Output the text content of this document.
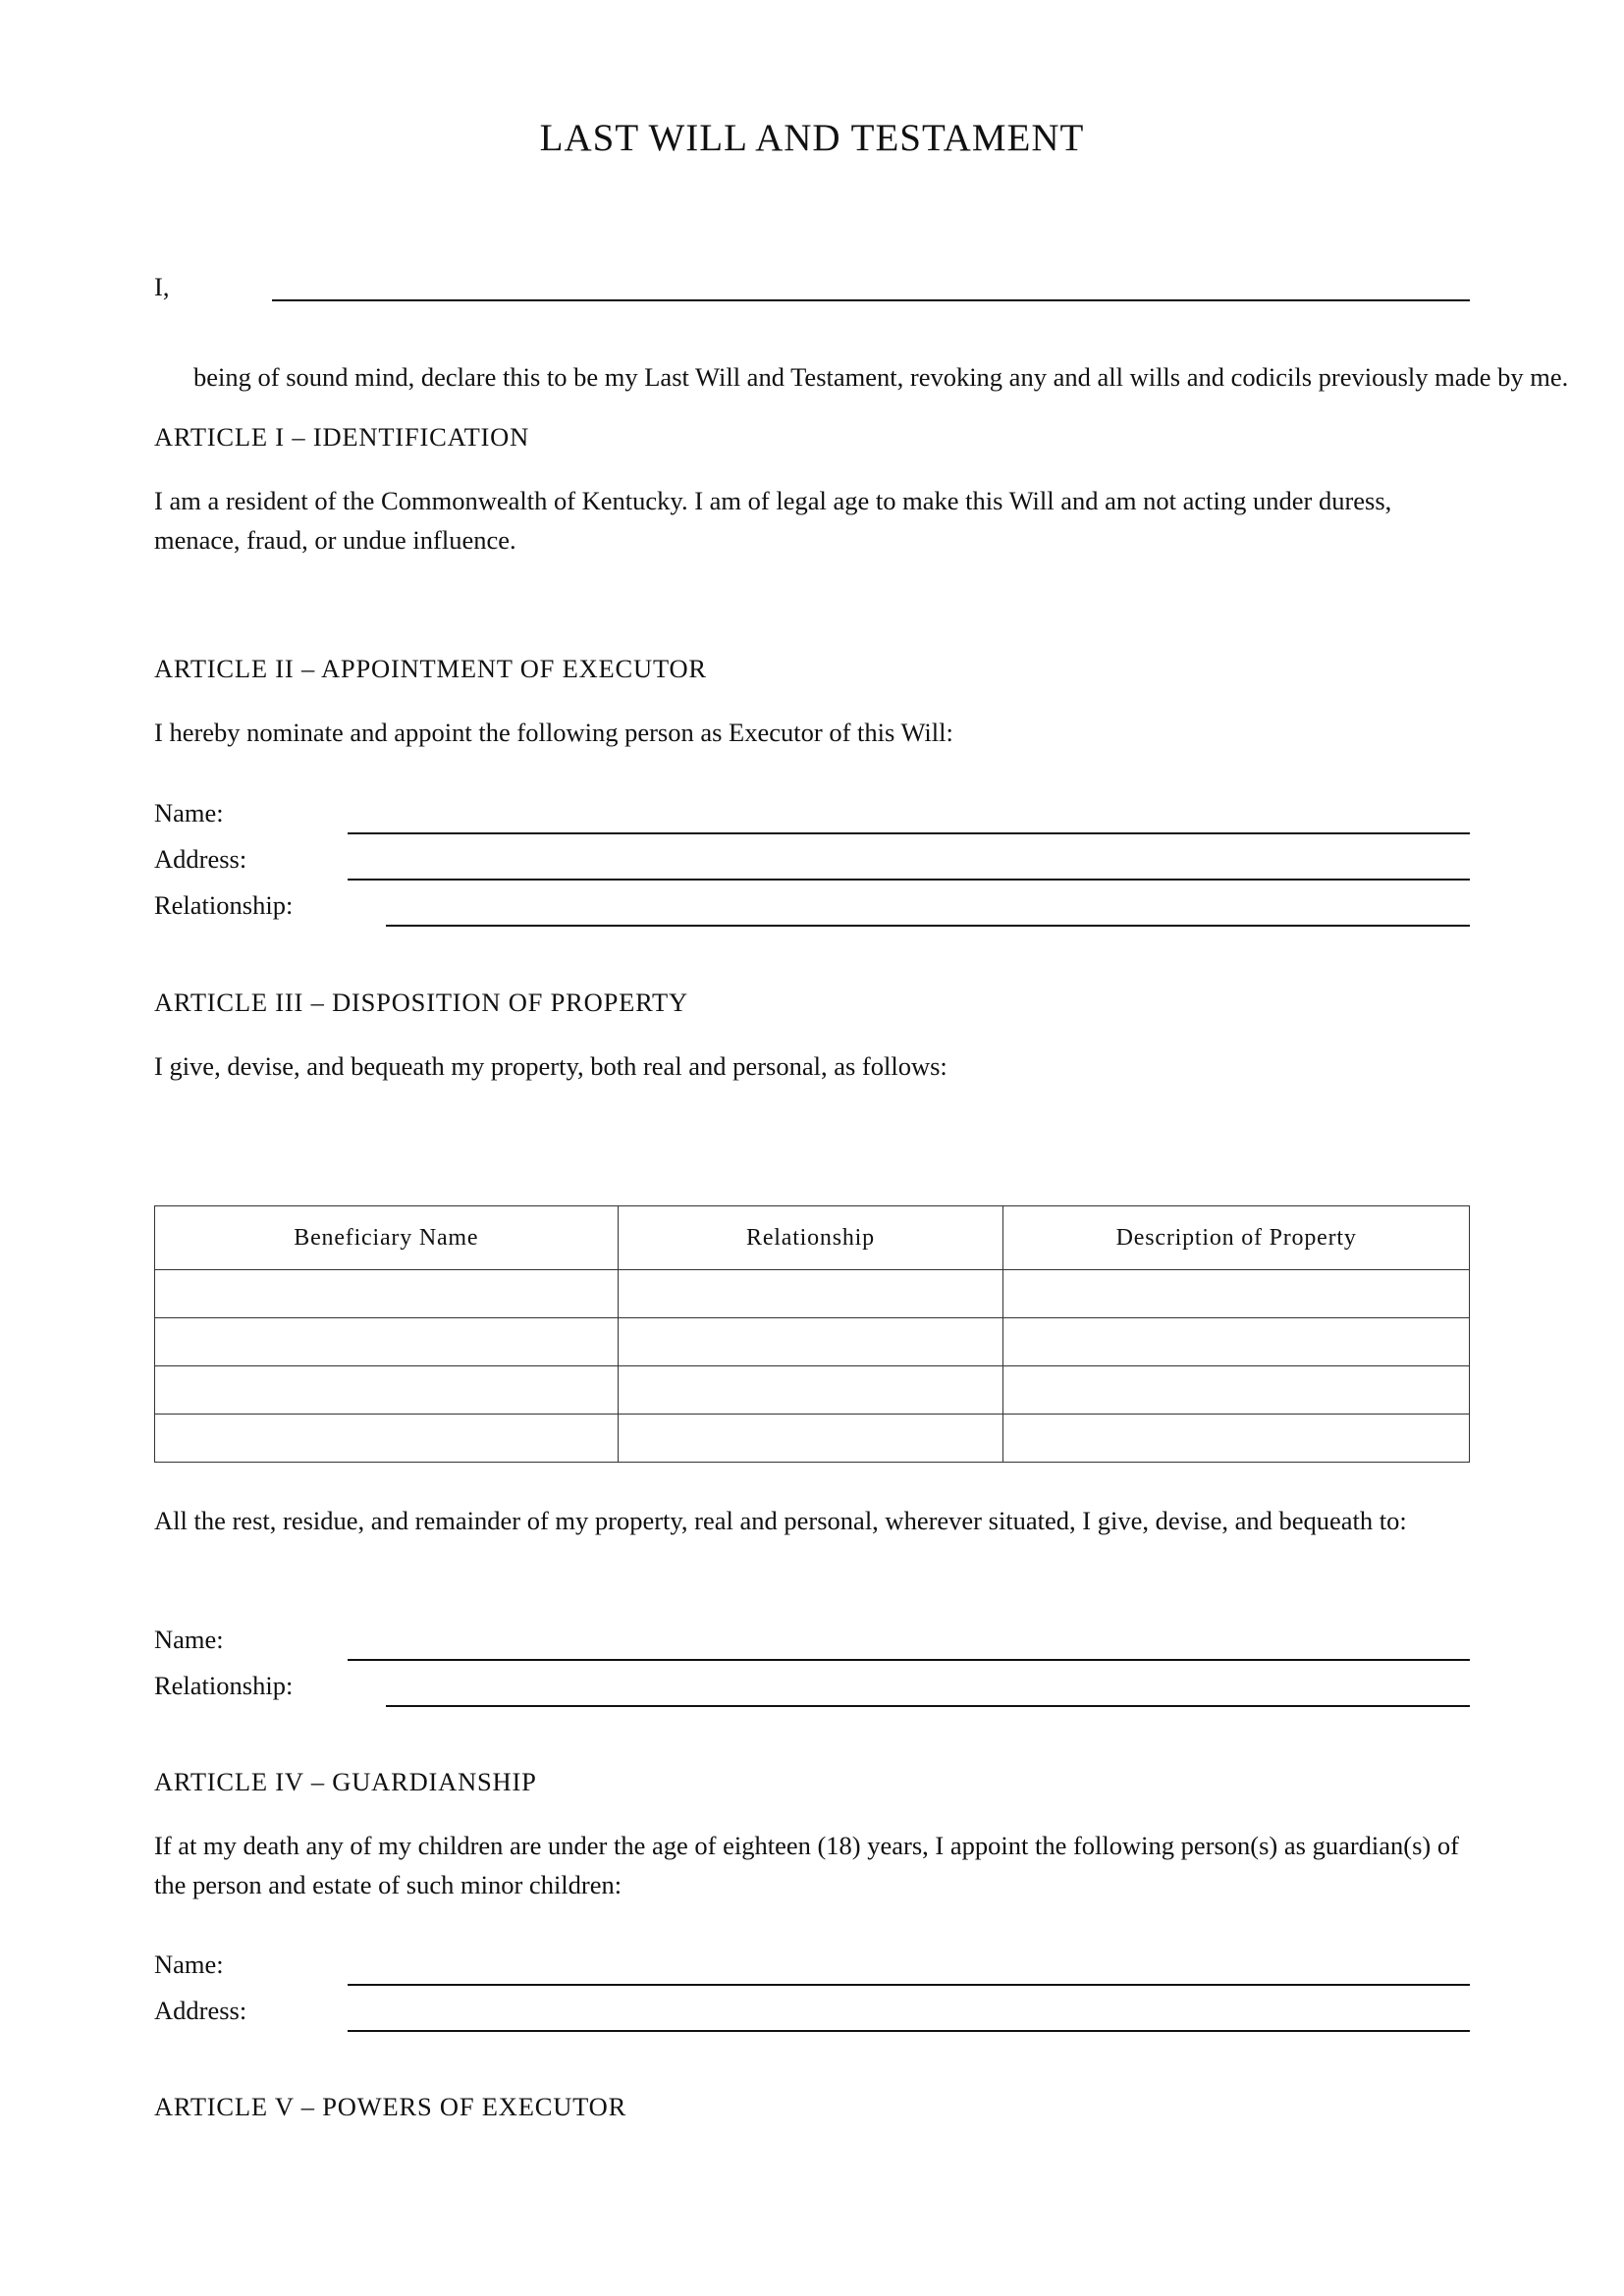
LAST WILL AND TESTAMENT
I,
being of sound mind, declare this to be my Last Will and Testament, revoking any and all wills and codicils previously made by me.
ARTICLE I – IDENTIFICATION
I am a resident of the Commonwealth of Kentucky. I am of legal age to make this Will and am not acting under duress, menace, fraud, or undue influence.
ARTICLE II – APPOINTMENT OF EXECUTOR
I hereby nominate and appoint the following person as Executor of this Will:
Name:
Address:
Relationship:
ARTICLE III – DISPOSITION OF PROPERTY
I give, devise, and bequeath my property, both real and personal, as follows:
Beneficiary Name	Relationship	Description of Property

All the rest, residue, and remainder of my property, real and personal, wherever situated, I give, devise, and bequeath to:
Name:
Relationship:
ARTICLE IV – GUARDIANSHIP
If at my death any of my children are under the age of eighteen (18) years, I appoint the following person(s) as guardian(s) of the person and estate of such minor children:
Name:
Address:
ARTICLE V – POWERS OF EXECUTOR
